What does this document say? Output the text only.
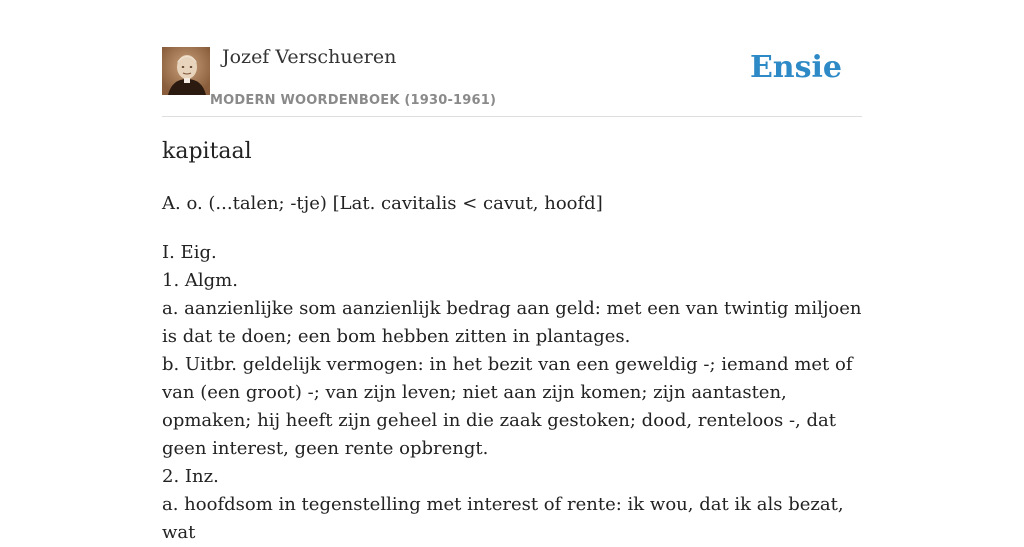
Jozef Verschueren
MODERN WOORDENBOEK (1930-1961)
Ensie
kapitaal
A. o. (...talen; -tje) [Lat. cavitalis < cavut, hoofd]
I. Eig.
1. Algm.
a. aanzienlijke som aanzienlijk bedrag aan geld: met een van twintig miljoen is dat te doen; een bom hebben zitten in plantages.
b. Uitbr. geldelijk vermogen: in het bezit van een geweldig -; iemand met of van (een groot) -; van zijn leven; niet aan zijn komen; zijn aantasten, opmaken; hij heeft zijn geheel in die zaak gestoken; dood, renteloos -, dat geen interest, geen rente opbrengt.
2. Inz.
a. hoofdsom in tegenstelling met interest of rente: ik wou, dat ik als bezat, wat
